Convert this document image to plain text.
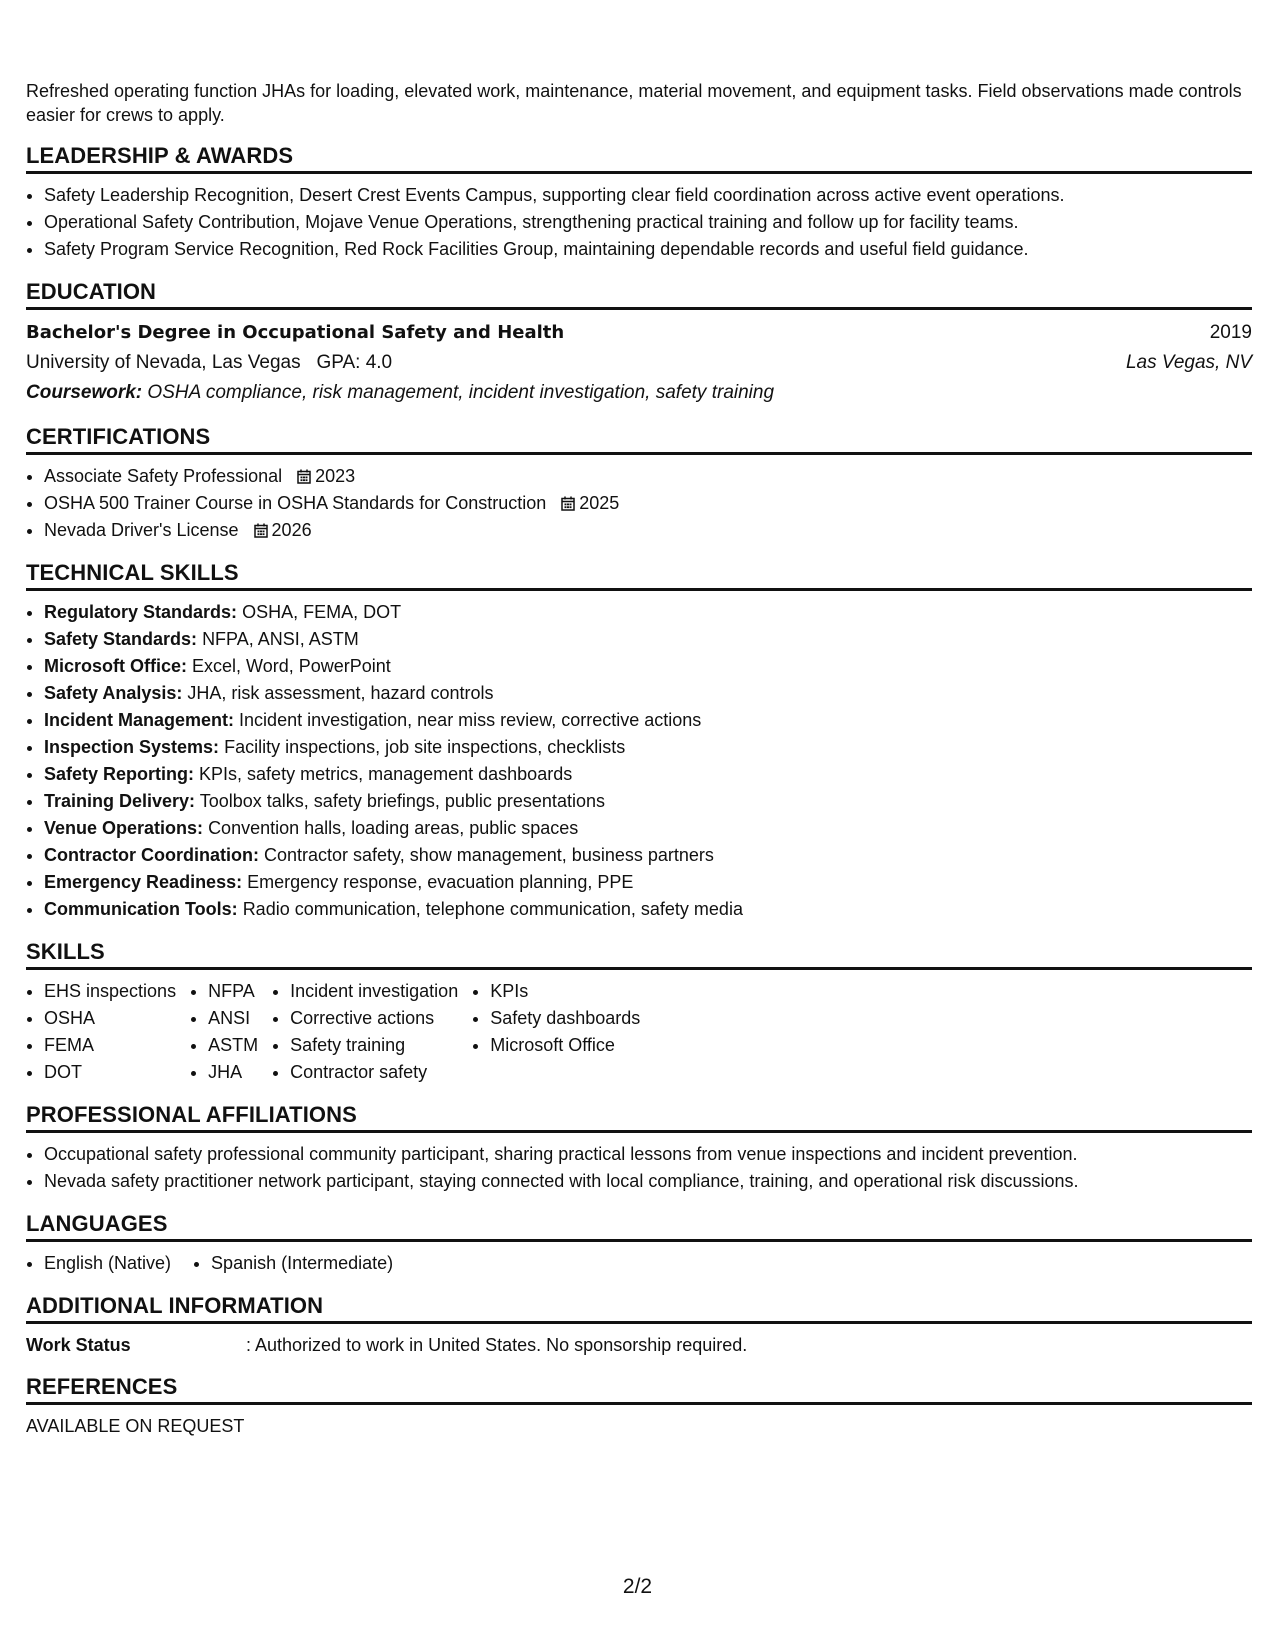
Refreshed operating function JHAs for loading, elevated work, maintenance, material movement, and equipment tasks. Field observations made controls easier for crews to apply.
LEADERSHIP & AWARDS
• Safety Leadership Recognition, Desert Crest Events Campus, supporting clear field coordination across active event operations.
• Operational Safety Contribution, Mojave Venue Operations, strengthening practical training and follow up for facility teams.
• Safety Program Service Recognition, Red Rock Facilities Group, maintaining dependable records and useful field guidance.
EDUCATION
Bachelor's Degree in Occupational Safety and Health	2019
University of Nevada, Las Vegas GPA: 4.0	Las Vegas, NV
Coursework: OSHA compliance, risk management, incident investigation, safety training
CERTIFICATIONS
• Associate Safety Professional 2023
• OSHA 500 Trainer Course in OSHA Standards for Construction 2025
• Nevada Driver's License 2026
TECHNICAL SKILLS
• Regulatory Standards: OSHA, FEMA, DOT
• Safety Standards: NFPA, ANSI, ASTM
• Microsoft Office: Excel, Word, PowerPoint
• Safety Analysis: JHA, risk assessment, hazard controls
• Incident Management: Incident investigation, near miss review, corrective actions
• Inspection Systems: Facility inspections, job site inspections, checklists
• Safety Reporting: KPIs, safety metrics, management dashboards
• Training Delivery: Toolbox talks, safety briefings, public presentations
• Venue Operations: Convention halls, loading areas, public spaces
• Contractor Coordination: Contractor safety, show management, business partners
• Emergency Readiness: Emergency response, evacuation planning, PPE
• Communication Tools: Radio communication, telephone communication, safety media
SKILLS
• EHS inspections
• OSHA
• FEMA
• DOT
• NFPA
• ANSI
• ASTM
• JHA
• Incident investigation
• Corrective actions
• Safety training
• Contractor safety
• KPIs
• Safety dashboards
• Microsoft Office
PROFESSIONAL AFFILIATIONS
• Occupational safety professional community participant, sharing practical lessons from venue inspections and incident prevention.
• Nevada safety practitioner network participant, staying connected with local compliance, training, and operational risk discussions.
LANGUAGES
• English (Native)
• Spanish (Intermediate)
ADDITIONAL INFORMATION
Work Status	: Authorized to work in United States. No sponsorship required.
REFERENCES
AVAILABLE ON REQUEST
2/2
